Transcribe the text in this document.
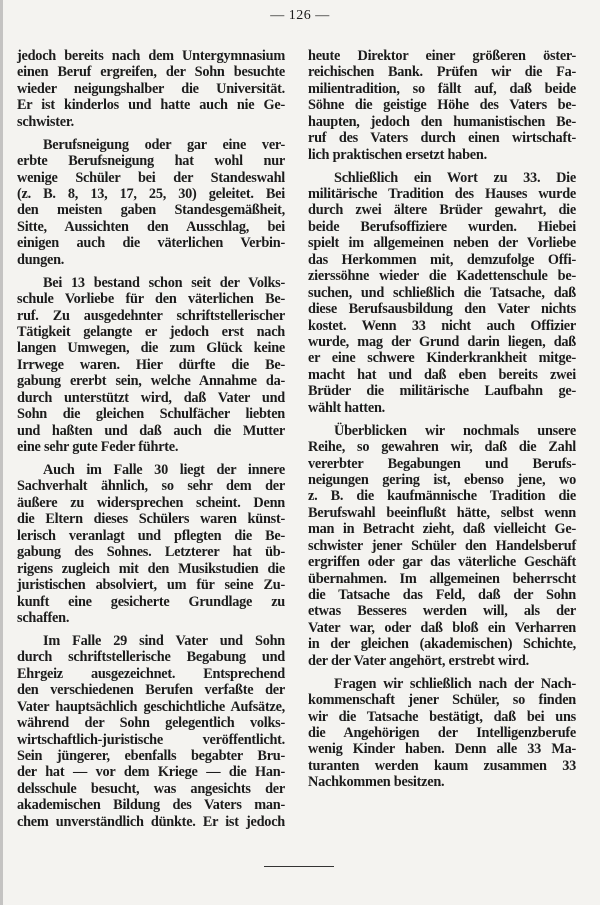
— 126 —
jedoch bereits nach dem Untergymnasium
einen Beruf ergreifen, der Sohn besuchte
wieder neigungshalber die Universität.
Er ist kinderlos und hatte auch nie Ge-
schwister.
Berufsneigung oder gar eine ver-
erbte Berufsneigung hat wohl nur
wenige Schüler bei der Standeswahl
(z. B. 8, 13, 17, 25, 30) geleitet. Bei
den meisten gaben Standesgemäßheit,
Sitte, Aussichten den Ausschlag, bei
einigen auch die väterlichen Verbin-
dungen.
Bei 13 bestand schon seit der Volks-
schule Vorliebe für den väterlichen Be-
ruf. Zu ausgedehnter schriftstellerischer
Tätigkeit gelangte er jedoch erst nach
langen Umwegen, die zum Glück keine
Irrwege waren. Hier dürfte die Be-
gabung ererbt sein, welche Annahme da-
durch unterstützt wird, daß Vater und
Sohn die gleichen Schulfächer liebten
und haßten und daß auch die Mutter
eine sehr gute Feder führte.
Auch im Falle 30 liegt der innere
Sachverhalt ähnlich, so sehr dem der
äußere zu widersprechen scheint. Denn
die Eltern dieses Schülers waren künst-
lerisch veranlagt und pflegten die Be-
gabung des Sohnes. Letzterer hat üb-
rigens zugleich mit den Musikstudien die
juristischen absolviert, um für seine Zu-
kunft eine gesicherte Grundlage zu
schaffen.
Im Falle 29 sind Vater und Sohn
durch schriftstellerische Begabung und
Ehrgeiz ausgezeichnet. Entsprechend
den verschiedenen Berufen verfaßte der
Vater hauptsächlich geschichtliche Aufsätze,
während der Sohn gelegentlich volks-
wirtschaftlich-juristische veröffentlicht.
Sein jüngerer, ebenfalls begabter Bru-
der hat — vor dem Kriege — die Han-
delsschule besucht, was angesichts der
akademischen Bildung des Vaters man-
chem unverständlich dünkte. Er ist jedoch
heute Direktor einer größeren öster-
reichischen Bank. Prüfen wir die Fa-
milientradition, so fällt auf, daß beide
Söhne die geistige Höhe des Vaters be-
haupten, jedoch den humanistischen Be-
ruf des Vaters durch einen wirtschaft-
lich praktischen ersetzt haben.
Schließlich ein Wort zu 33. Die
militärische Tradition des Hauses wurde
durch zwei ältere Brüder gewahrt, die
beide Berufsoffiziere wurden. Hiebei
spielt im allgemeinen neben der Vorliebe
das Herkommen mit, demzufolge Offi-
zierssöhne wieder die Kadettenschule be-
suchen, und schließlich die Tatsache, daß
diese Berufsausbildung den Vater nichts
kostet. Wenn 33 nicht auch Offizier
wurde, mag der Grund darin liegen, daß
er eine schwere Kinderkrankheit mitge-
macht hat und daß eben bereits zwei
Brüder die militärische Laufbahn ge-
wählt hatten.
Überblicken wir nochmals unsere
Reihe, so gewahren wir, daß die Zahl
vererbter Begabungen und Berufs-
neigungen gering ist, ebenso jene, wo
z. B. die kaufmännische Tradition die
Berufswahl beeinflußt hätte, selbst wenn
man in Betracht zieht, daß vielleicht Ge-
schwister jener Schüler den Handelsberuf
ergriffen oder gar das väterliche Geschäft
übernahmen. Im allgemeinen beherrscht
die Tatsache das Feld, daß der Sohn
etwas Besseres werden will, als der
Vater war, oder daß bloß ein Verharren
in der gleichen (akademischen) Schichte,
der der Vater angehört, erstrebt wird.
Fragen wir schließlich nach der Nach-
kommenschaft jener Schüler, so finden
wir die Tatsache bestätigt, daß bei uns
die Angehörigen der Intelligenzberufe
wenig Kinder haben. Denn alle 33 Ma-
turanten werden kaum zusammen 33
Nachkommen besitzen.
